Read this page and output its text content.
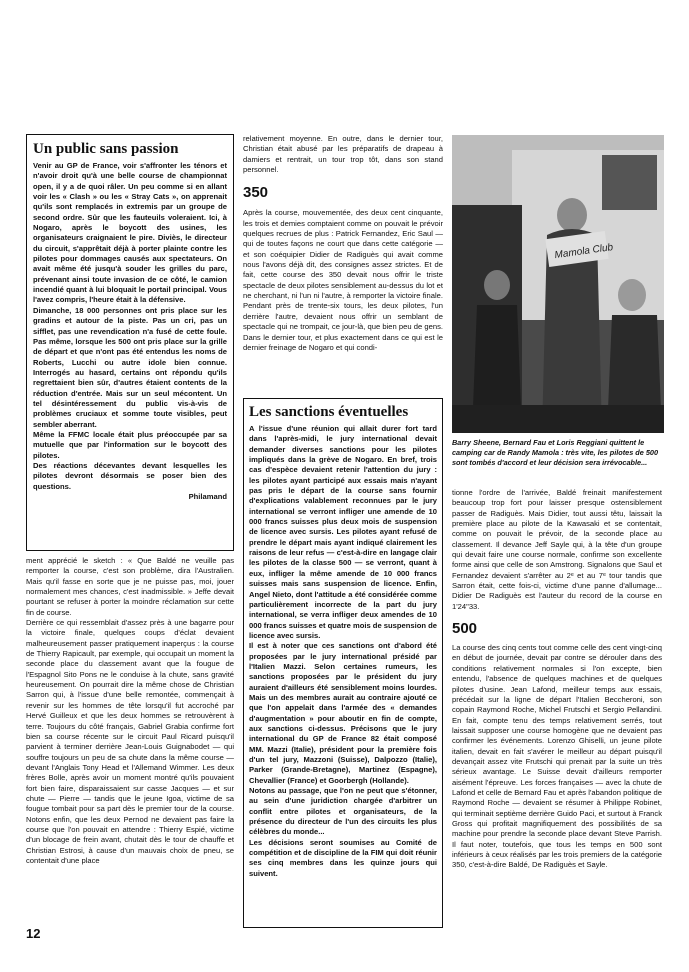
Un public sans passion

Venir au GP de France, voir s'affronter les ténors et n'avoir droit qu'à une belle course de championnat open, il y a de quoi râler. Un peu comme si en allant voir les « Clash » ou les « Stray Cats », on apprenait qu'ils sont remplacés in extremis par un groupe de second ordre. Sûr que les fauteuils voleraient. Ici, à Nogaro, après le boycott des usines, les organisateurs craignaient le pire. Diviès, le directeur du circuit, s'apprêtait déjà à porter plainte contre les pilotes pour dommages causés aux spectateurs. On avait même été jusqu'à souder les grilles du parc, prévenant ainsi toute invasion de ce côté, le camion incendié quant à lui bloquait le portail principal. Vous l'avez compris, l'heure était à la défensive.

Dimanche, 18 000 personnes ont pris place sur les gradins et autour de la piste. Pas un cri, pas un sifflet, pas une revendication n'a fusé de cette foule. Pas même, lorsque les 500 ont pris place sur la grille de départ et que n'ont pas été entendus les noms de Roberts, Lucchi ou autre idole bien connue. Interrogés au hasard, certains ont répondu qu'ils regrettaient bien sûr, d'autres étaient contents de la réduction d'entrée. Mais sur un seul mécontent. Un tel désintéressement du public vis-à-vis de problèmes cruciaux et somme toute visibles, peut sembler aberrant.

Même la FFMC locale était plus préoccupée par sa mutuelle que par l'information sur le boycott des pilotes.

Des réactions décevantes devant lesquelles les pilotes devront désormais se poser bien des questions.

Philamand

relativement moyenne. En outre, dans le dernier tour, Christian était abusé par les préparatifs de drapeau à damiers et rentrait, un tour trop tôt, dans son stand personnel.

350

Après la course, mouvementée, des deux cent cinquante, les trois et demies comptaient comme on pouvait le prévoir quelques recrues de plus : Patrick Fernandez, Eric Saul — qui de toutes façons ne court que dans cette catégorie — et son coéquipier Didier de Radiguès qui avait comme nous l'avons déjà dit, des consignes assez strictes. Et de fait, cette course des 350 devait nous offrir le triste spectacle de deux pilotes sensiblement au-dessus du lot et ne cherchant, ni l'un ni l'autre, à remporter la victoire finale. Pendant près de trente-six tours, les deux pilotes, l'un derrière l'autre, devaient nous offrir un semblant de spectacle qui ne trompait, ce jour-là, que bien peu de gens. Dans le dernier tour, et plus exactement dans ce qui est le dernier freinage de Nogaro et qui condi-

Mamola Club
Barry Sheene, Bernard Fau et Loris Reggiani quittent le camping car de Randy Mamola : très vite, les pilotes de 500 sont tombés d'accord et leur décision sera irrévocable...
Les sanctions éventuelles

A l'issue d'une réunion qui allait durer fort tard dans l'après-midi, le jury international devait demander diverses sanctions pour les pilotes impliqués dans la grève de Nogaro. En bref, trois cas d'espèce devaient retenir l'attention du jury : les pilotes ayant participé aux essais mais n'ayant pas pris le départ de la course sans fournir d'explications valablement reconnues par le jury international se verront infliger une amende de 10 000 francs suisses plus deux mois de suspension de licence avec sursis. Les pilotes ayant refusé de prendre le départ mais ayant indiqué clairement les raisons de leur refus — c'est-à-dire en langage clair les pilotes de la classe 500 — se verront, quant à eux, infliger la même amende de 10 000 francs suisses mais sans suspension de licence. Enfin, Angel Nieto, dont l'attitude a été considérée comme particulièrement incorrecte de la part du jury international, se verra infliger deux amendes de 10 000 francs suisses et quatre mois de suspension de licence avec sursis.

Il est à noter que ces sanctions ont d'abord été proposées par le jury international présidé par l'Italien Mazzi. Selon certaines rumeurs, les sanctions proposées par le président du jury auraient d'ailleurs été sensiblement moins lourdes. Mais un des membres aurait au contraire ajouté ce que l'on appelait dans l'armée des « demandes d'augmentation » pour aboutir en fin de compte, aux sanctions ci-dessus. Précisons que le jury international du GP de France 82 était composé MM. Mazzi (Italie), président pour la première fois d'un tel jury, Mazzoni (Suisse), Dalpozzo (Italie), Parker (Grande-Bretagne), Martinez (Espagne), Chevallier (France) et Goorbergh (Hollande).

Notons au passage, que l'on ne peut que s'étonner, au sein d'une juridiction chargée d'arbitrer un conflit entre pilotes et organisateurs, de la présence du directeur de l'un des circuits les plus célèbres du monde...

Les décisions seront soumises au Comité de compétition et de discipline de la FIM qui doit réunir ses cinq membres dans les quinze jours qui suivent.

ment apprécié le sketch : « Que Baldé ne veuille pas remporter la course, c'est son problème, dira l'Australien. Mais qu'il fasse en sorte que je ne puisse pas, moi, jouer normalement mes chances, c'est inadmissible. » Jeffe devait pourtant se refuser à porter la moindre réclamation sur cette fin de course.

Derrière ce qui ressemblait d'assez près à une bagarre pour la victoire finale, quelques coups d'éclat devaient malheureusement passer pratiquement inaperçus : la course de Thierry Rapicault, par exemple, qui occupait un moment la seconde place du classement avant que la fougue de l'Espagnol Sito Pons ne le conduise à la chute, sans gravité heureusement. On pourrait dire la même chose de Christian Sarron qui, à l'issue d'une belle remontée, commençait à revenir sur les hommes de tête lorsqu'il fut accroché par Hervé Guilleux et que les deux hommes se retrouvèrent à terre. Toujours du côté français, Gabriel Grabia confirme fort bien sa course récente sur le circuit Paul Ricard puisqu'il parvient à terminer derrière Jean-Louis Guignabodet — qui souffre toujours un peu de sa chute dans la même course — devant l'Anglais Tony Head et l'Allemand Wimmer. Les deux frères Bolle, après avoir un moment montré qu'ils pouvaient fort bien faire, disparaissaient sur casse Jacques — et sur chute — Pierre — tandis que le jeune Igoa, victime de sa fougue tombait pour sa part dès le premier tour de la course. Notons enfin, que les deux Pernod ne devaient pas faire la course que l'on pouvait en attendre : Thierry Espié, victime d'un blocage de frein avant, chutait dès le tour de chauffe et Christian Estrosi, à cause d'un mauvais choix de pneu, se contentait d'une place

tionne l'ordre de l'arrivée, Baldé freinait manifestement beaucoup trop fort pour laisser presque ostensiblement passer de Radiguès. Mais Didier, tout aussi têtu, laissait la première place au pilote de la Kawasaki et se contentait, comme on pouvait le prévoir, de la seconde place au classement. Il devance Jeff Sayle qui, à la tête d'un groupe qui devait faire une course normale, confirme son excellente forme ainsi que celle de son Amstrong. Signalons que Saul et Fernandez devaient s'arrêter au 2ᵉ et au 7ᵉ tour tandis que Sarron était, cette fois-ci, victime d'une panne d'allumage... Didier De Radiguès est l'auteur du record de la course en 1'24"33.

500

La course des cinq cents tout comme celle des cent vingt-cinq en début de journée, devait par contre se dérouler dans des conditions relativement normales si l'on excepte, bien entendu, l'absence de quelques machines et de quelques pilotes d'usine. Jean Lafond, meilleur temps aux essais, précédait sur la ligne de départ l'Italien Beccheroni, son copain Raymond Roche, Michel Frutschi et Sergio Pellandini. En fait, compte tenu des temps relativement serrés, tout laissait supposer une course homogène que ne devaient pas confirmer les événements. Lorenzo Ghiselli, un jeune pilote italien, devait en fait s'avérer le meilleur au départ puisqu'il devançait assez vite Frutschi qui prenait par la suite un très sérieux avantage. Le Suisse devait d'ailleurs remporter aisément l'épreuve. Les forces françaises — avec la chute de Lafond et celle de Bernard Fau et après l'abandon politique de Raymond Roche — devaient se résumer à Philippe Robinet, qui terminait septième derrière Guido Paci, et surtout à Franck Gross qui profitait magnifiquement des possibilités de sa machine pour prendre la seconde place devant Steve Parrish. Il faut noter, toutefois, que tous les temps en 500 sont inférieurs à ceux réalisés par les trois premiers de la catégorie 350, c'est-à-dire Baldé, De Radiguès et Sayle.

12
